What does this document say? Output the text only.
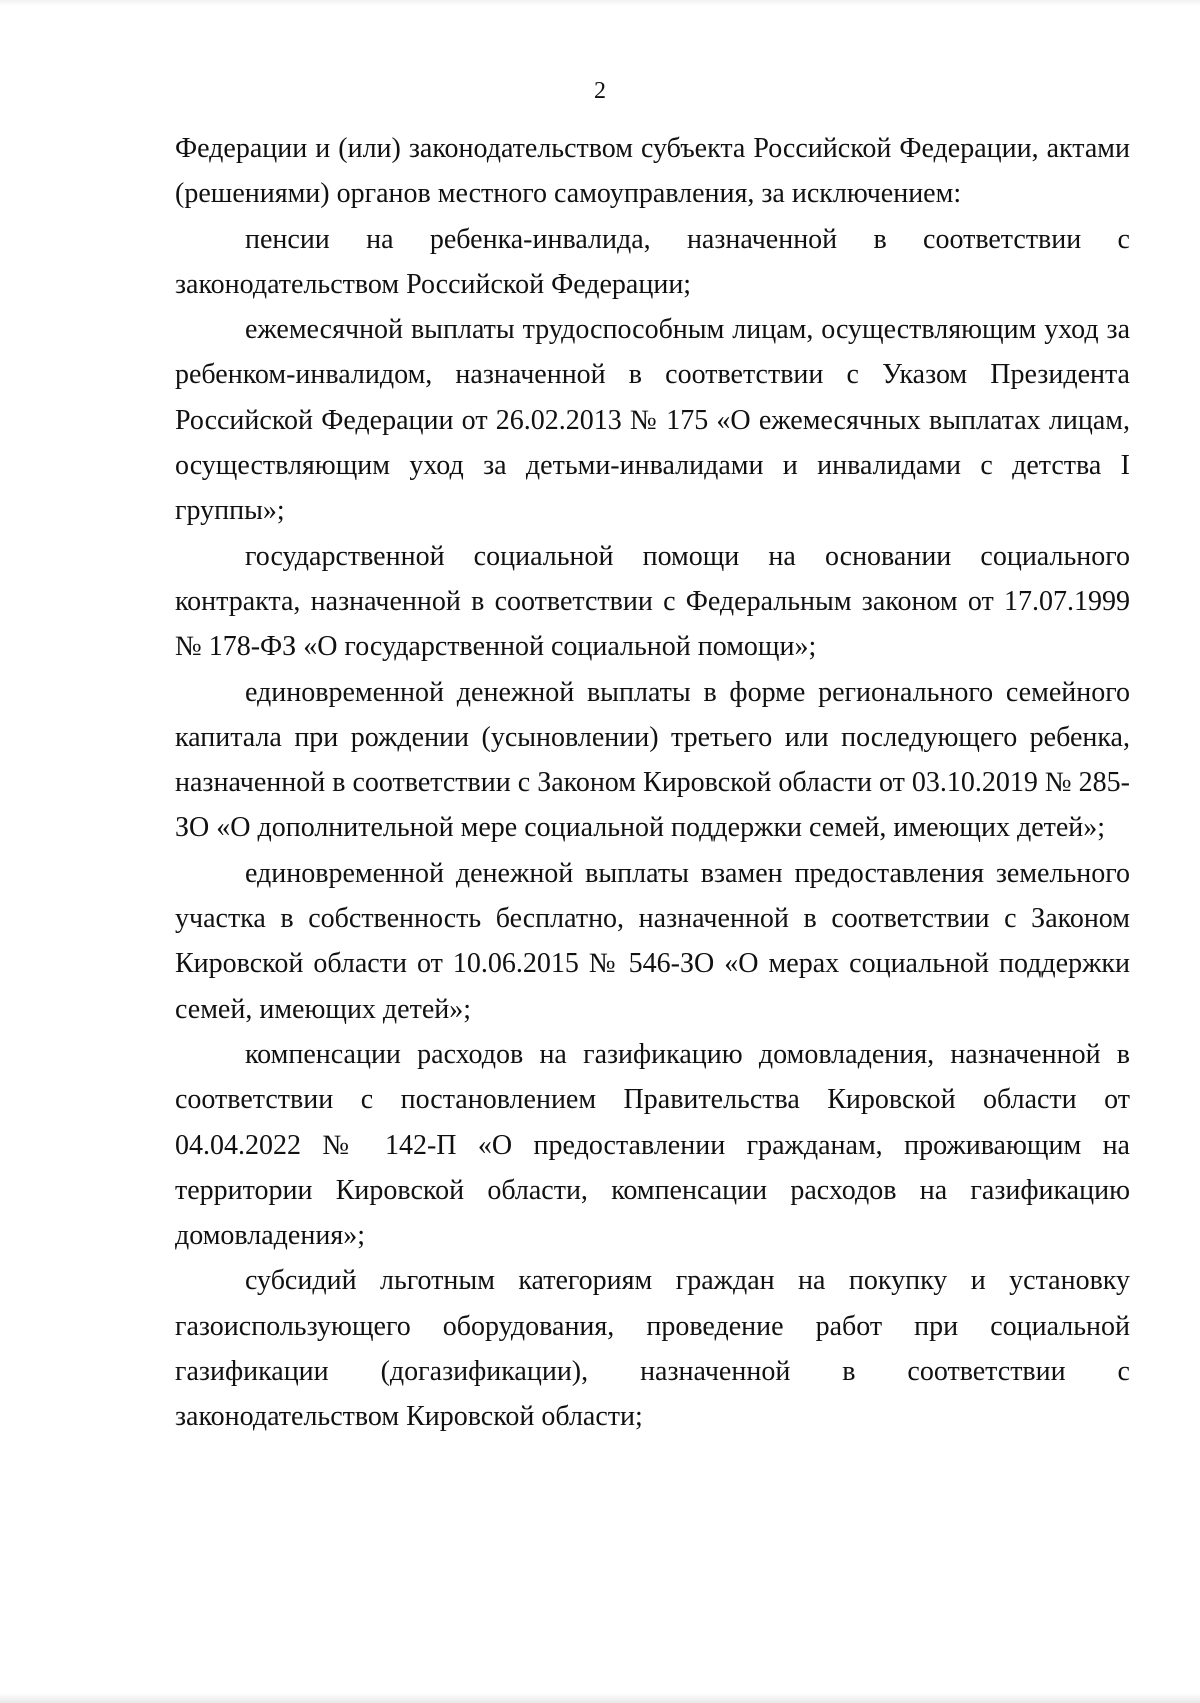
2

Федерации и (или) законодательством субъекта Российской Федерации, актами (решениями) органов местного самоуправления, за исключением:

пенсии на ребенка-инвалида, назначенной в соответствии с законодательством Российской Федерации;

ежемесячной выплаты трудоспособным лицам, осуществляющим уход за ребенком-инвалидом, назначенной в соответствии с Указом Президента Российской Федерации от 26.02.2013 № 175 «О ежемесячных выплатах лицам, осуществляющим уход за детьми-инвалидами и инвалидами с детства I группы»;

государственной социальной помощи на основании социального контракта, назначенной в соответствии с Федеральным законом от 17.07.1999 № 178-ФЗ «О государственной социальной помощи»;

единовременной денежной выплаты в форме регионального семейного капитала при рождении (усыновлении) третьего или последующего ребенка, назначенной в соответствии с Законом Кировской области от 03.10.2019 № 285-ЗО «О дополнительной мере социальной поддержки семей, имеющих детей»;

единовременной денежной выплаты взамен предоставления земельного участка в собственность бесплатно, назначенной в соответствии с Законом Кировской области от 10.06.2015 № 546-ЗО «О мерах социальной поддержки семей, имеющих детей»;

компенсации расходов на газификацию домовладения, назначенной в соответствии с постановлением Правительства Кировской области от 04.04.2022 № 142-П «О предоставлении гражданам, проживающим на территории Кировской области, компенсации расходов на газификацию домовладения»;

субсидий льготным категориям граждан на покупку и установку газоиспользующего оборудования, проведение работ при социальной газификации (догазификации), назначенной в соответствии с законодательством Кировской области;
